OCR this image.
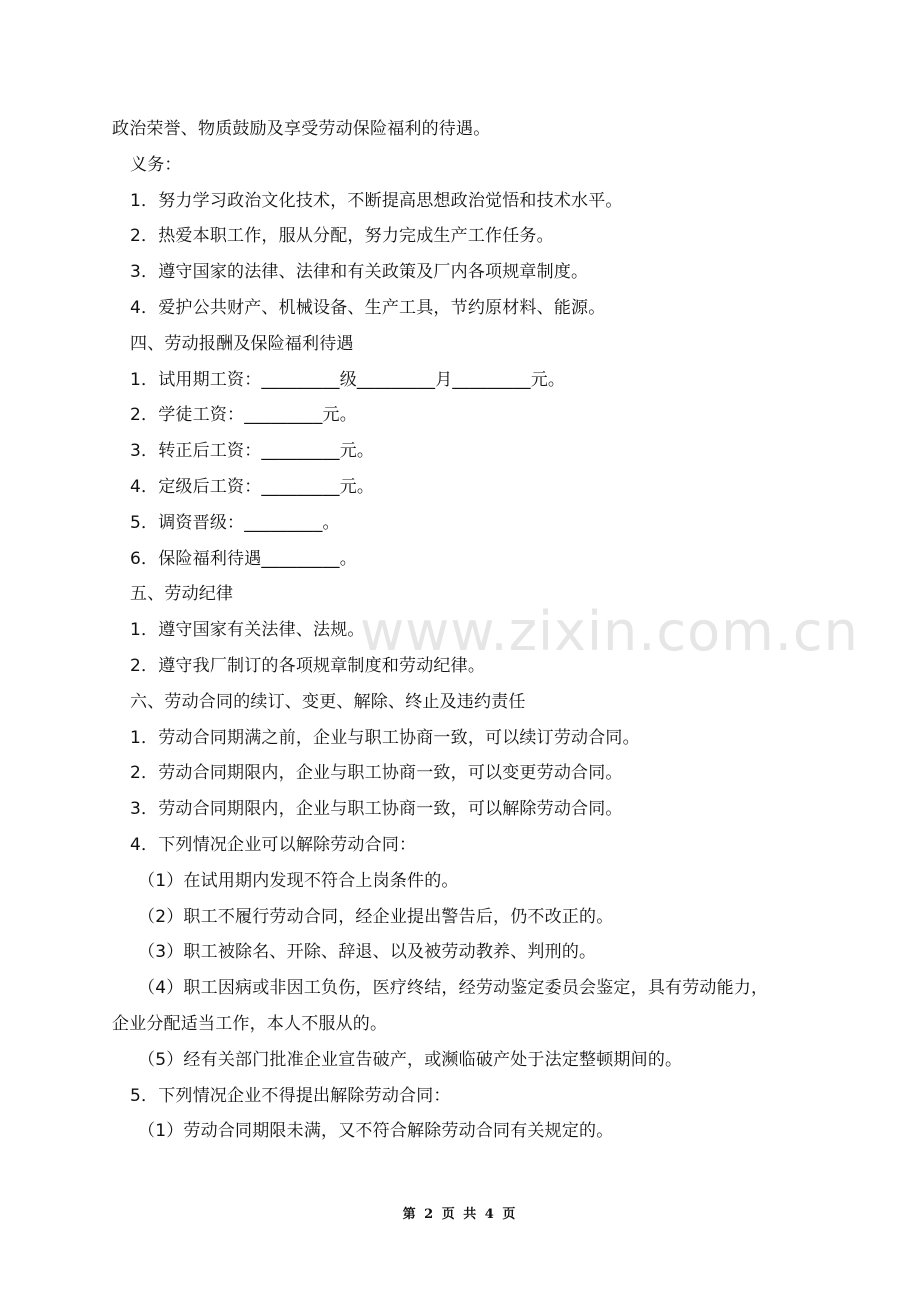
政治荣誉、物质鼓励及享受劳动保险福利的待遇。
义务：
1．努力学习政治文化技术，不断提高思想政治觉悟和技术水平。
2．热爱本职工作，服从分配，努力完成生产工作任务。
3．遵守国家的法律、法律和有关政策及厂内各项规章制度。
4．爱护公共财产、机械设备、生产工具，节约原材料、能源。
四、劳动报酬及保险福利待遇
1．试用期工资：_________级_________月_________元。
2．学徒工资：_________元。
3．转正后工资：_________元。
4．定级后工资：_________元。
5．调资晋级：_________。
6．保险福利待遇_________。
五、劳动纪律
1．遵守国家有关法律、法规。
2．遵守我厂制订的各项规章制度和劳动纪律。
六、劳动合同的续订、变更、解除、终止及违约责任
1．劳动合同期满之前，企业与职工协商一致，可以续订劳动合同。
2．劳动合同期限内，企业与职工协商一致，可以变更劳动合同。
3．劳动合同期限内，企业与职工协商一致，可以解除劳动合同。
4．下列情况企业可以解除劳动合同：
（1）在试用期内发现不符合上岗条件的。
（2）职工不履行劳动合同，经企业提出警告后，仍不改正的。
（3）职工被除名、开除、辞退、以及被劳动教养、判刑的。
（4）职工因病或非因工负伤，医疗终结，经劳动鉴定委员会鉴定，具有劳动能力，
企业分配适当工作，本人不服从的。
（5）经有关部门批准企业宣告破产，或濒临破产处于法定整顿期间的。
5．下列情况企业不得提出解除劳动合同：
（1）劳动合同期限未满，又不符合解除劳动合同有关规定的。
www.zixin.com.cn
第 2 页 共 4 页
